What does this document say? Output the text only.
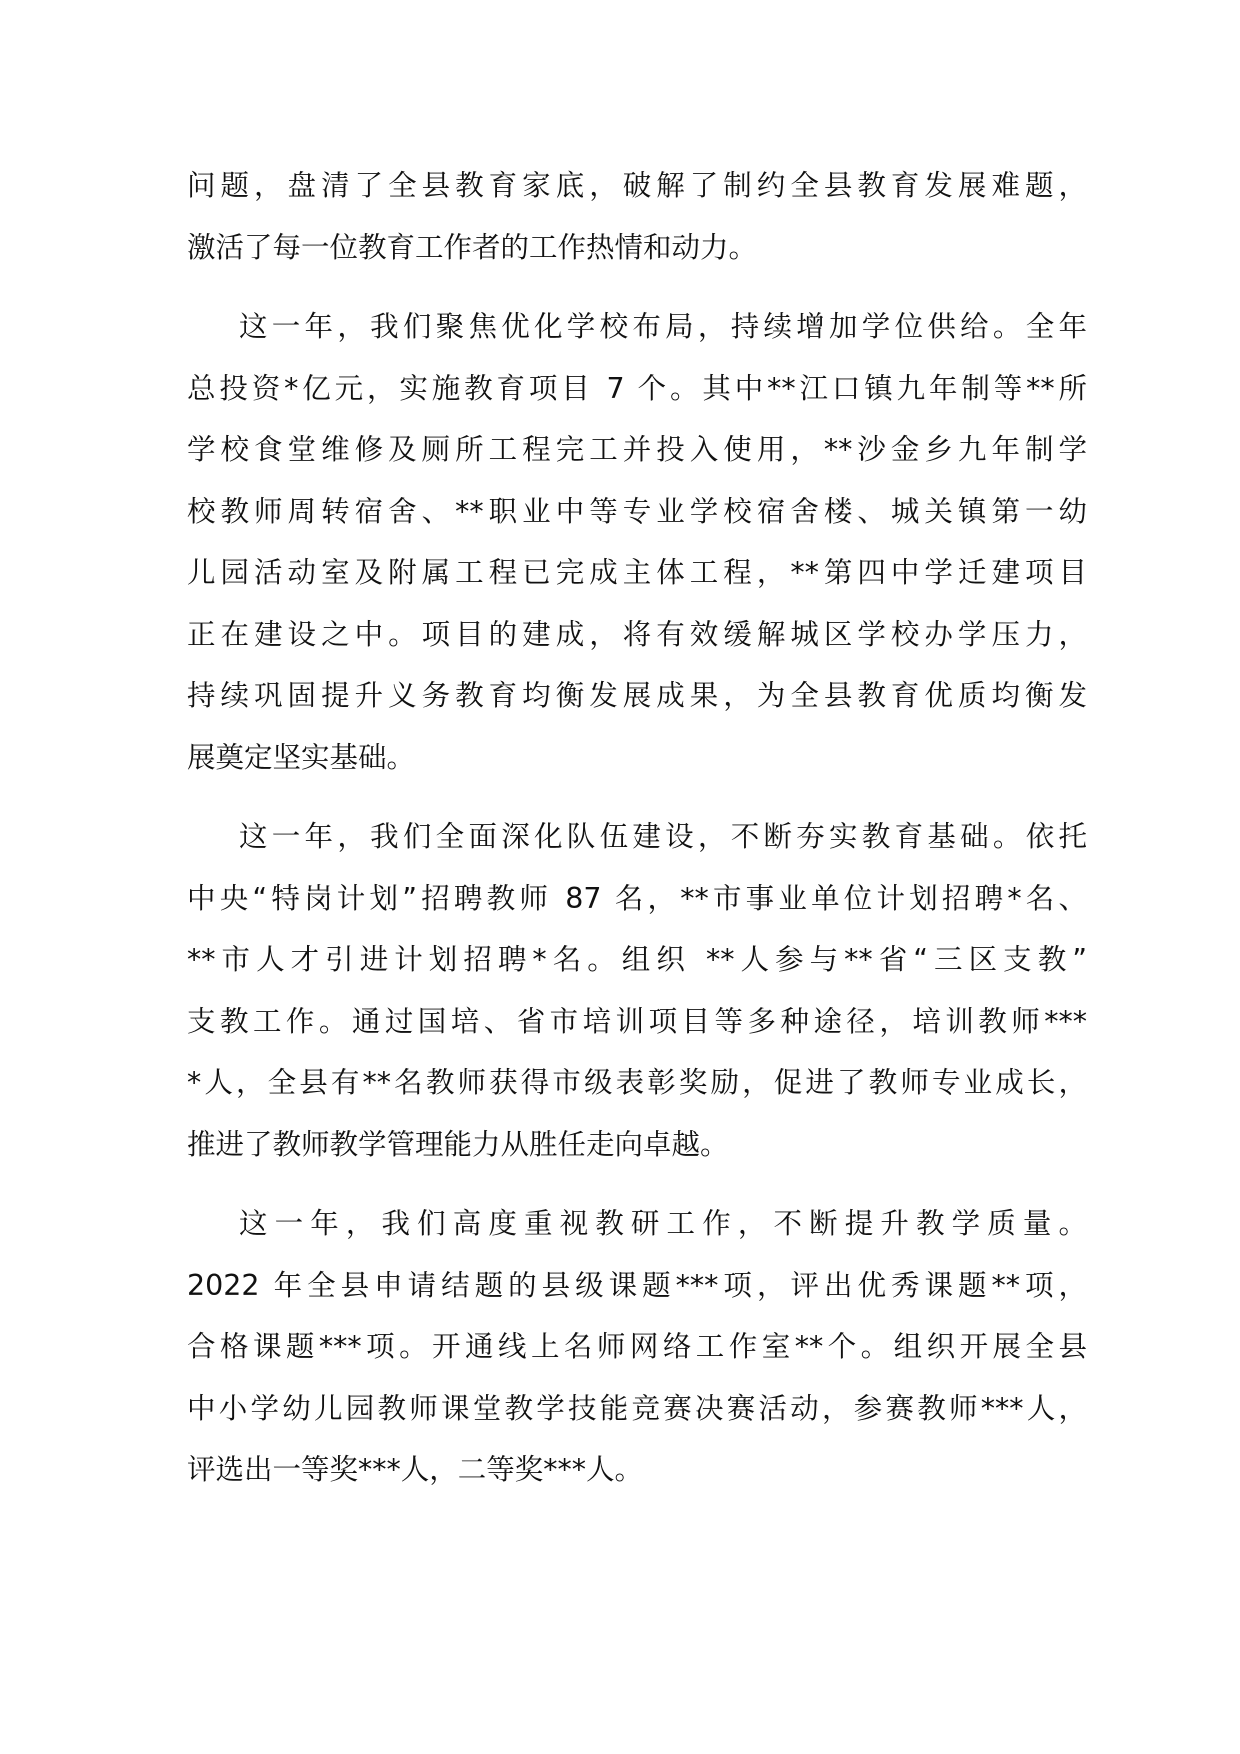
问题，盘清了全县教育家底，破解了制约全县教育发展难题，
激活了每一位教育工作者的工作热情和动力。
这一年，我们聚焦优化学校布局，持续增加学位供给。全年
总投资*亿元，实施教育项目 7 个。其中**江口镇九年制等**所
学校食堂维修及厕所工程完工并投入使用，**沙金乡九年制学
校教师周转宿舍、**职业中等专业学校宿舍楼、城关镇第一幼
儿园活动室及附属工程已完成主体工程，**第四中学迁建项目
正在建设之中。项目的建成，将有效缓解城区学校办学压力，
持续巩固提升义务教育均衡发展成果，为全县教育优质均衡发
展奠定坚实基础。
这一年，我们全面深化队伍建设，不断夯实教育基础。依托
中央“特岗计划”招聘教师 87 名，**市事业单位计划招聘*名、
**市人才引进计划招聘*名。组织 **人参与**省“三区支教”
支教工作。通过国培、省市培训项目等多种途径，培训教师***
*人，全县有**名教师获得市级表彰奖励，促进了教师专业成长，
推进了教师教学管理能力从胜任走向卓越。
这一年，我们高度重视教研工作，不断提升教学质量。
2022 年全县申请结题的县级课题***项，评出优秀课题**项，
合格课题***项。开通线上名师网络工作室**个。组织开展全县
中小学幼儿园教师课堂教学技能竞赛决赛活动，参赛教师***人，
评选出一等奖***人，二等奖***人。
